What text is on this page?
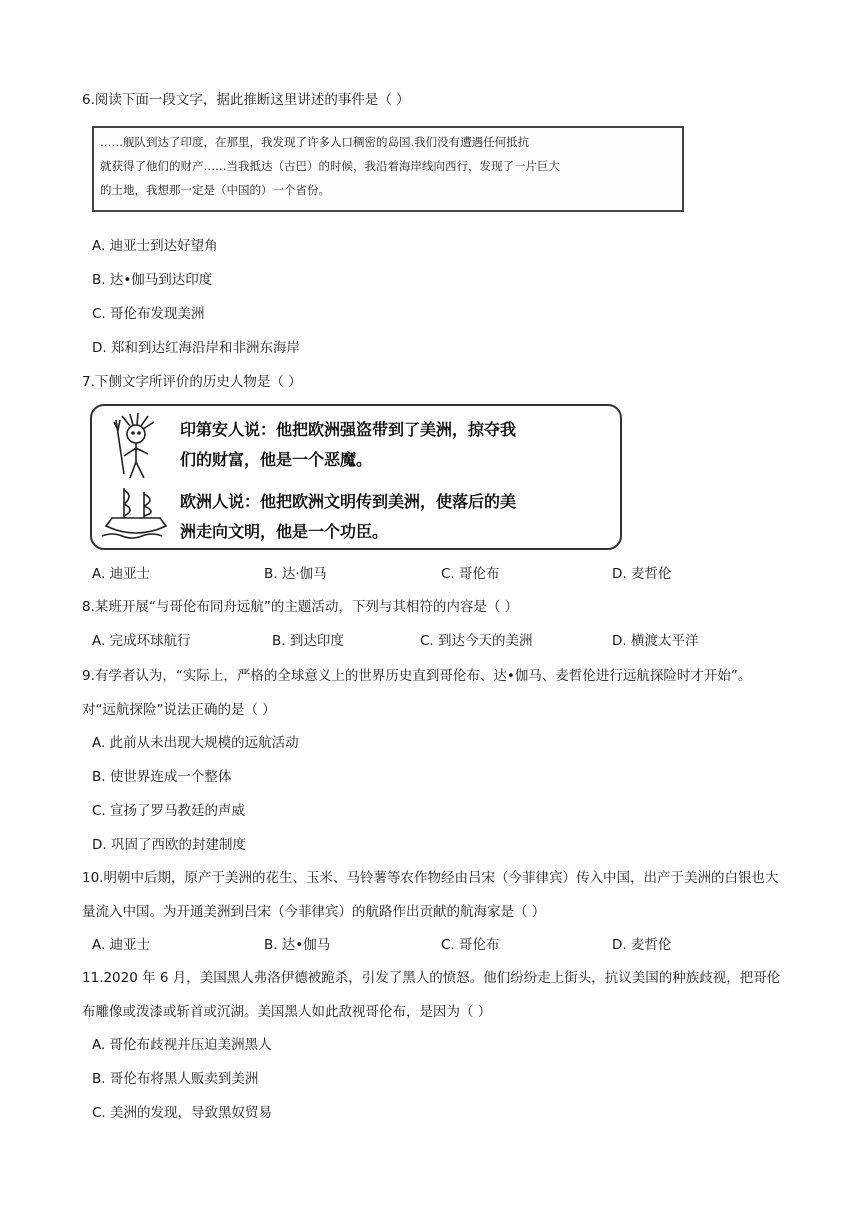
6.阅读下面一段文字，据此推断这里讲述的事件是（ ）
……舰队到达了印度，在那里，我发现了许多人口稠密的岛国.我们没有遭遇任何抵抗
就获得了他们的财产……当我抵达（古巴）的时候，我沿着海岸线向西行，发现了一片巨大
的土地，我想那一定是（中国的）一个省份。
A. 迪亚士到达好望角
B. 达•伽马到达印度
C. 哥伦布发现美洲
D. 郑和到达红海沿岸和非洲东海岸
7.下侧文字所评价的历史人物是（ ）
印第安人说：他把欧洲强盗带到了美洲，掠夺我
们的财富，他是一个恶魔。
欧洲人说：他把欧洲文明传到美洲，使落后的美
洲走向文明，他是一个功臣。
A. 迪亚士	B. 达·伽马	C. 哥伦布	D. 麦哲伦
8.某班开展“与哥伦布同舟远航”的主题活动，下列与其相符的内容是（ ）
A. 完成环球航行	B. 到达印度	C. 到达今天的美洲	D. 横渡太平洋
9.有学者认为，“实际上，严格的全球意义上的世界历史直到哥伦布、达•伽马、麦哲伦进行远航探险时才开始”。对“远航探险”说法正确的是（ ）
A. 此前从未出现大规模的远航活动
B. 使世界连成一个整体
C. 宣扬了罗马教廷的声威
D. 巩固了西欧的封建制度
10.明朝中后期，原产于美洲的花生、玉米、马铃薯等农作物经由吕宋（今菲律宾）传入中国，出产于美洲的白银也大量流入中国。为开通美洲到吕宋（今菲律宾）的航路作出贡献的航海家是（ ）
A. 迪亚士	B. 达•伽马	C. 哥伦布	D. 麦哲伦
11.2020 年 6 月，美国黑人弗洛伊德被跪杀，引发了黑人的愤怒。他们纷纷走上街头，抗议美国的种族歧视，把哥伦布雕像或泼漆或斩首或沉湖。美国黑人如此敌视哥伦布，是因为（ ）
A. 哥伦布歧视并压迫美洲黑人
B. 哥伦布将黑人贩卖到美洲
C. 美洲的发现，导致黑奴贸易
